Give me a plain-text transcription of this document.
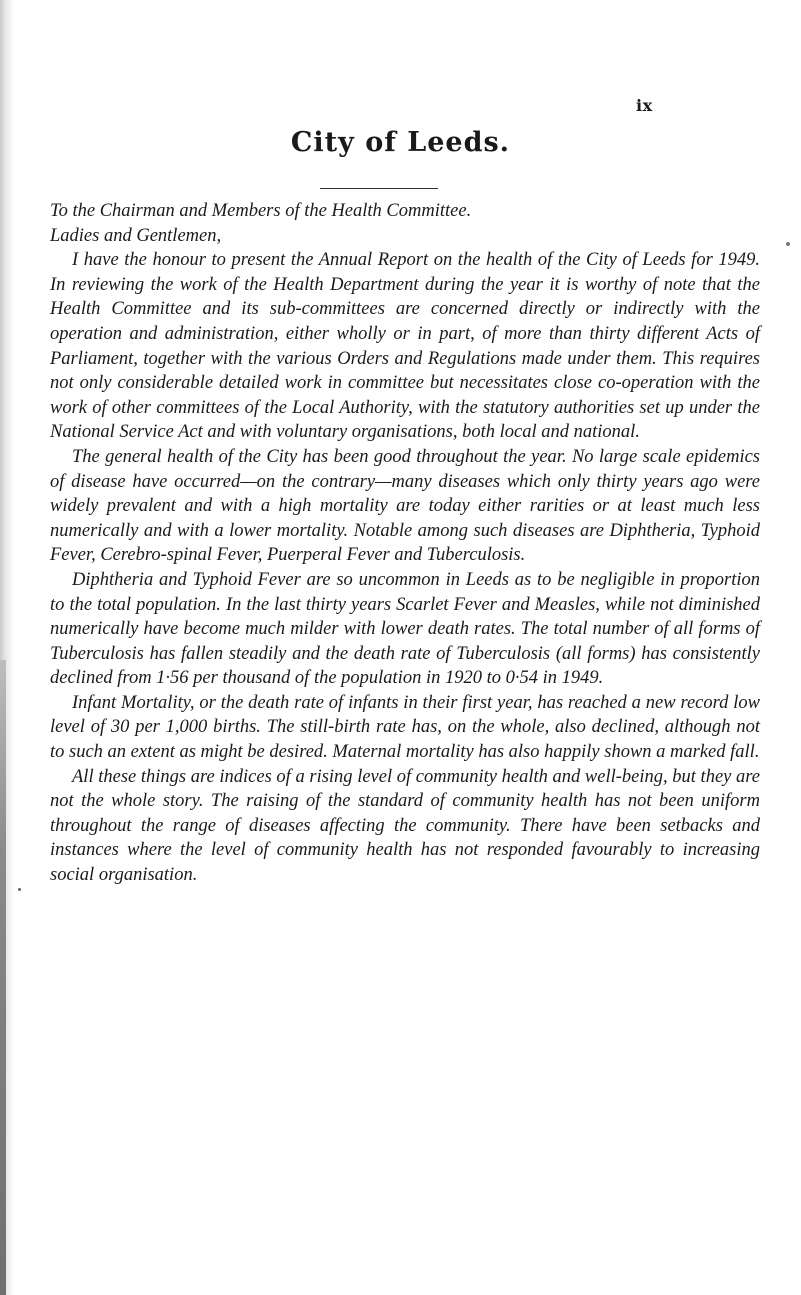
ix
City of Leeds.

To the Chairman and Members of the Health Committee.

Ladies and Gentlemen,

I have the honour to present the Annual Report on the health of the City of Leeds for 1949. In reviewing the work of the Health Department during the year it is worthy of note that the Health Committee and its sub-committees are concerned directly or indirectly with the operation and administration, either wholly or in part, of more than thirty different Acts of Parliament, together with the various Orders and Regulations made under them. This requires not only considerable detailed work in committee but necessitates close co-operation with the work of other committees of the Local Authority, with the statutory authorities set up under the National Service Act and with voluntary organisations, both local and national.

The general health of the City has been good throughout the year. No large scale epidemics of disease have occurred—on the contrary—many diseases which only thirty years ago were widely prevalent and with a high mortality are today either rarities or at least much less numerically and with a lower mortality. Notable among such diseases are Diphtheria, Typhoid Fever, Cerebro-spinal Fever, Puerperal Fever and Tuberculosis.

Diphtheria and Typhoid Fever are so uncommon in Leeds as to be negligible in proportion to the total population. In the last thirty years Scarlet Fever and Measles, while not diminished numerically have become much milder with lower death rates. The total number of all forms of Tuberculosis has fallen steadily and the death rate of Tuberculosis (all forms) has consistently declined from 1·56 per thousand of the population in 1920 to 0·54 in 1949.

Infant Mortality, or the death rate of infants in their first year, has reached a new record low level of 30 per 1,000 births. The still-birth rate has, on the whole, also declined, although not to such an extent as might be desired. Maternal mortality has also happily shown a marked fall.

All these things are indices of a rising level of community health and well-being, but they are not the whole story. The raising of the standard of community health has not been uniform throughout the range of diseases affecting the community. There have been setbacks and instances where the level of community health has not responded favourably to increasing social organisation.
